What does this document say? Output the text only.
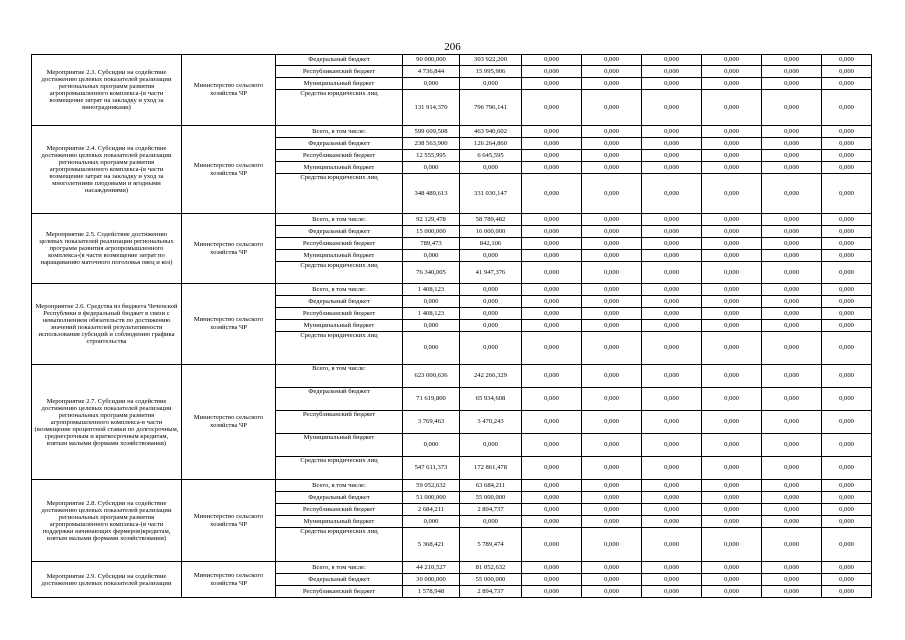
206
Мероприятие 2.3. Субсидии на содействие достижению целевых показателей реализации региональных программ развития агропромышленного комплекса-(в части возмещение затрат на закладку и уход за виноградниками)	Министерство сельского хозяйства ЧР	Федеральный бюджет	90 000,000	303 922,200	0,000	0,000	0,000	0,000	0,000	0,000
		Республиканский бюджет	4 736,844	15 995,906	0,000	0,000	0,000	0,000	0,000	0,000
		Муниципальный бюджет	0,000	0,000	0,000	0,000	0,000	0,000	0,000	0,000
		Средства юридических лиц	131 914,370	796 796,141	0,000	0,000	0,000	0,000	0,000	0,000
Мероприятие 2.4. Субсидии на содействие достижению целевых показателей реализации региональных программ развития агропромышленного комплекса-(в части возмещение затрат на закладку и уход за многолетними плодовыми и ягодными насаждениями)	Министерство сельского хозяйства ЧР	Всего, в том числе:	599 609,508	463 940,602	0,000	0,000	0,000	0,000	0,000	0,000
		Федеральный бюджет	238 563,900	126 264,860	0,000	0,000	0,000	0,000	0,000	0,000
		Республиканский бюджет	12 555,995	6 645,595	0,000	0,000	0,000	0,000	0,000	0,000
		Муниципальный бюджет	0,000	0,000	0,000	0,000	0,000	0,000	0,000	0,000
		Средства юридических лиц	348 489,613	331 030,147	0,000	0,000	0,000	0,000	0,000	0,000
Мероприятие 2.5. Содействие достижению целевых показателей реализации региональных программ развития агропромышленного комплекса-(в части возмещение затрат по наращиванию маточного поголовья овец и коз)	Министерство сельского хозяйства ЧР	Всего, в том числе:	92 129,478	58 789,482	0,000	0,000	0,000	0,000	0,000	0,000
		Федеральный бюджет	15 000,000	16 000,000	0,000	0,000	0,000	0,000	0,000	0,000
		Республиканский бюджет	789,473	842,106	0,000	0,000	0,000	0,000	0,000	0,000
		Муниципальный бюджет	0,000	0,000	0,000	0,000	0,000	0,000	0,000	0,000
		Средства юридических лиц	76 340,005	41 947,376	0,000	0,000	0,000	0,000	0,000	0,000
Мероприятие 2.6. Средства из бюджета Чеченской Республики в федеральный бюджет в связи с невыполнением обязательств по достижению значений показателей результативности использования субсидий и соблюдению графика строительства	Министерство сельского хозяйства ЧР	Всего, в том числе:	1 408,123	0,000	0,000	0,000	0,000	0,000	0,000	0,000
		Федеральный бюджет	0,000	0,000	0,000	0,000	0,000	0,000	0,000	0,000
		Республиканский бюджет	1 408,123	0,000	0,000	0,000	0,000	0,000	0,000	0,000
		Муниципальный бюджет	0,000	0,000	0,000	0,000	0,000	0,000	0,000	0,000
		Средства юридических лиц	0,000	0,000	0,000	0,000	0,000	0,000	0,000	0,000
Мероприятие 2.7. Субсидии на содействие достижению целевых показателей реализации региональных программ развития агропромышленного комплекса-в части (возмещение процентной ставки по долгосрочным, среднесрочным и краткосрочным кредитам, взятым малыми формами хозяйствования)	Министерство сельского хозяйства ЧР	Всего, в том числе:	623 000,636	242 266,329	0,000	0,000	0,000	0,000	0,000	0,000
		Федеральный бюджет	71 619,800	65 934,608	0,000	0,000	0,000	0,000	0,000	0,000
		Республиканский бюджет	3 769,463	3 470,243	0,000	0,000	0,000	0,000	0,000	0,000
		Муниципальный бюджет	0,000	0,000	0,000	0,000	0,000	0,000	0,000	0,000
		Средства юридических лиц	547 611,373	172 861,478	0,000	0,000	0,000	0,000	0,000	0,000
Мероприятие 2.8. Субсидии на содействие достижению целевых показателей реализации региональных программ развития агропромышленного комплекса-(в части поддержки начинающих фермеров)кредитам, взятым малыми формами хозяйствования)	Министерство сельского хозяйства ЧР	Всего, в том числе:	59 052,632	63 684,211	0,000	0,000	0,000	0,000	0,000	0,000
		Федеральный бюджет	51 000,000	55 000,000	0,000	0,000	0,000	0,000	0,000	0,000
		Республиканский бюджет	2 684,211	2 894,737	0,000	0,000	0,000	0,000	0,000	0,000
		Муниципальный бюджет	0,000	0,000	0,000	0,000	0,000	0,000	0,000	0,000
		Средства юридических лиц	5 368,421	5 789,474	0,000	0,000	0,000	0,000	0,000	0,000
Мероприятие 2.9. Субсидии на содействие достижению целевых показателей реализации	Министерство сельского хозяйства ЧР	Всего, в том числе:	44 210,527	81 052,632	0,000	0,000	0,000	0,000	0,000	0,000
		Федеральный бюджет	30 000,000	55 000,000	0,000	0,000	0,000	0,000	0,000	0,000
		Республиканский бюджет	1 578,948	2 894,737	0,000	0,000	0,000	0,000	0,000	0,000
